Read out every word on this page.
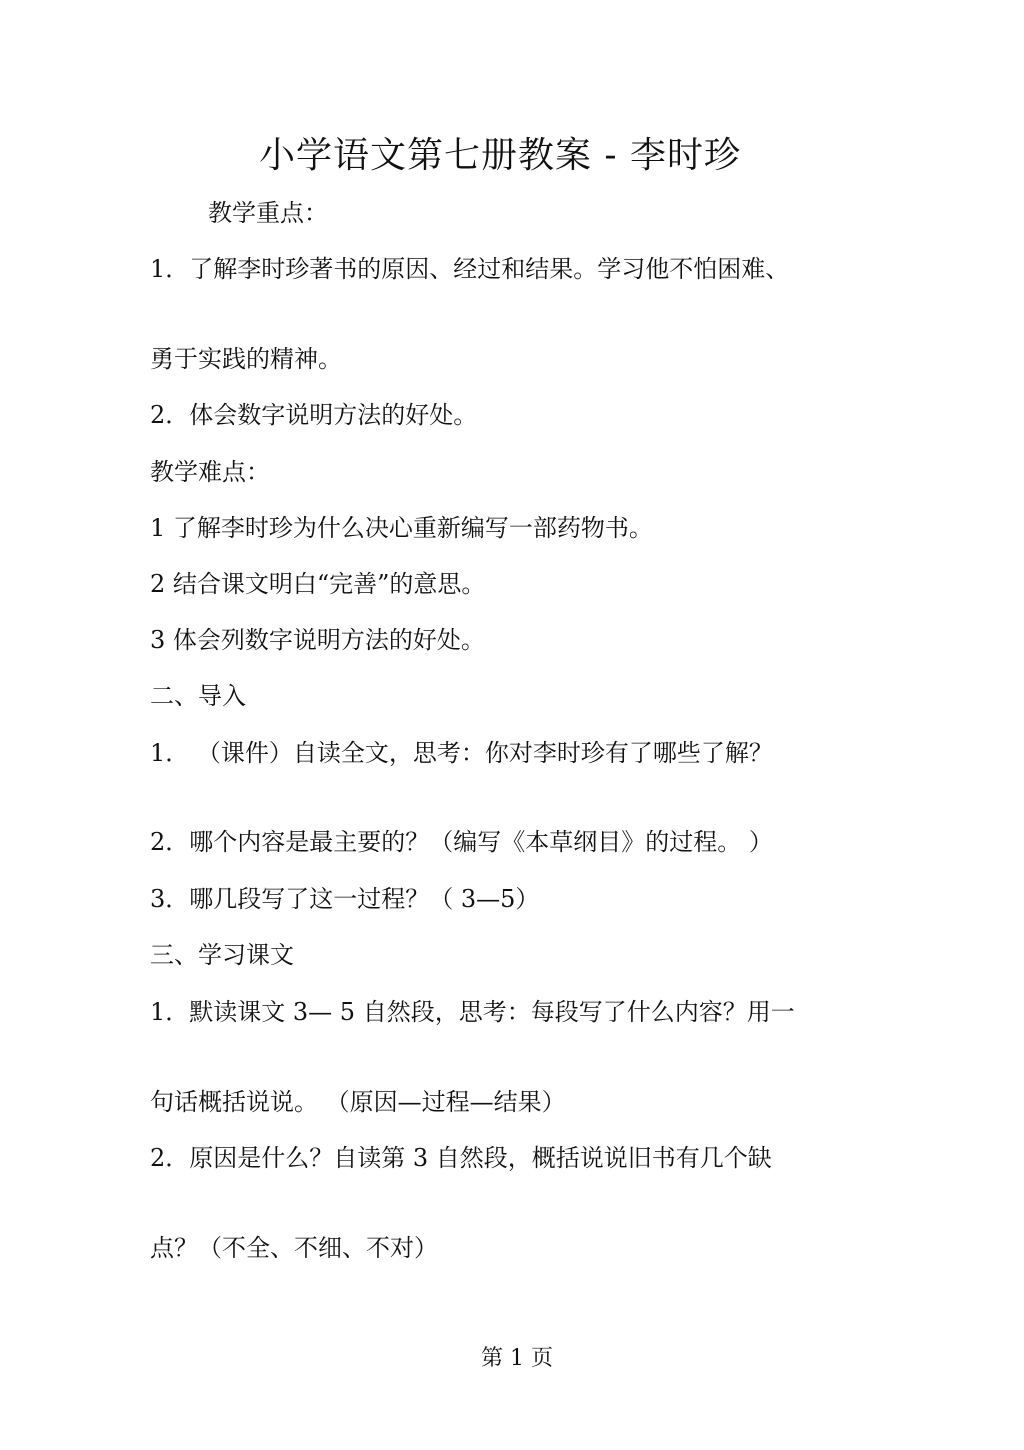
小学语文第七册教案 - 李时珍

教学重点：

1．了解李时珍著书的原因、经过和结果。学习他不怕困难、

勇于实践的精神。

2．体会数字说明方法的好处。

教学难点：

1 了解李时珍为什么决心重新编写一部药物书。

2 结合课文明白“完善”的意思。

3 体会列数字说明方法的好处。

二、导入

1． （课件）自读全文，思考：你对李时珍有了哪些了解？

2．哪个内容是最主要的？（编写《本草纲目》的过程。 ）

3．哪几段写了这一过程？（ 3—5）

三、学习课文

1．默读课文 3— 5 自然段，思考：每段写了什么内容？用一

句话概括说说。 （原因—过程—结果）

2．原因是什么？自读第 3 自然段，概括说说旧书有几个缺

点？（不全、不细、不对）

第 1 页
